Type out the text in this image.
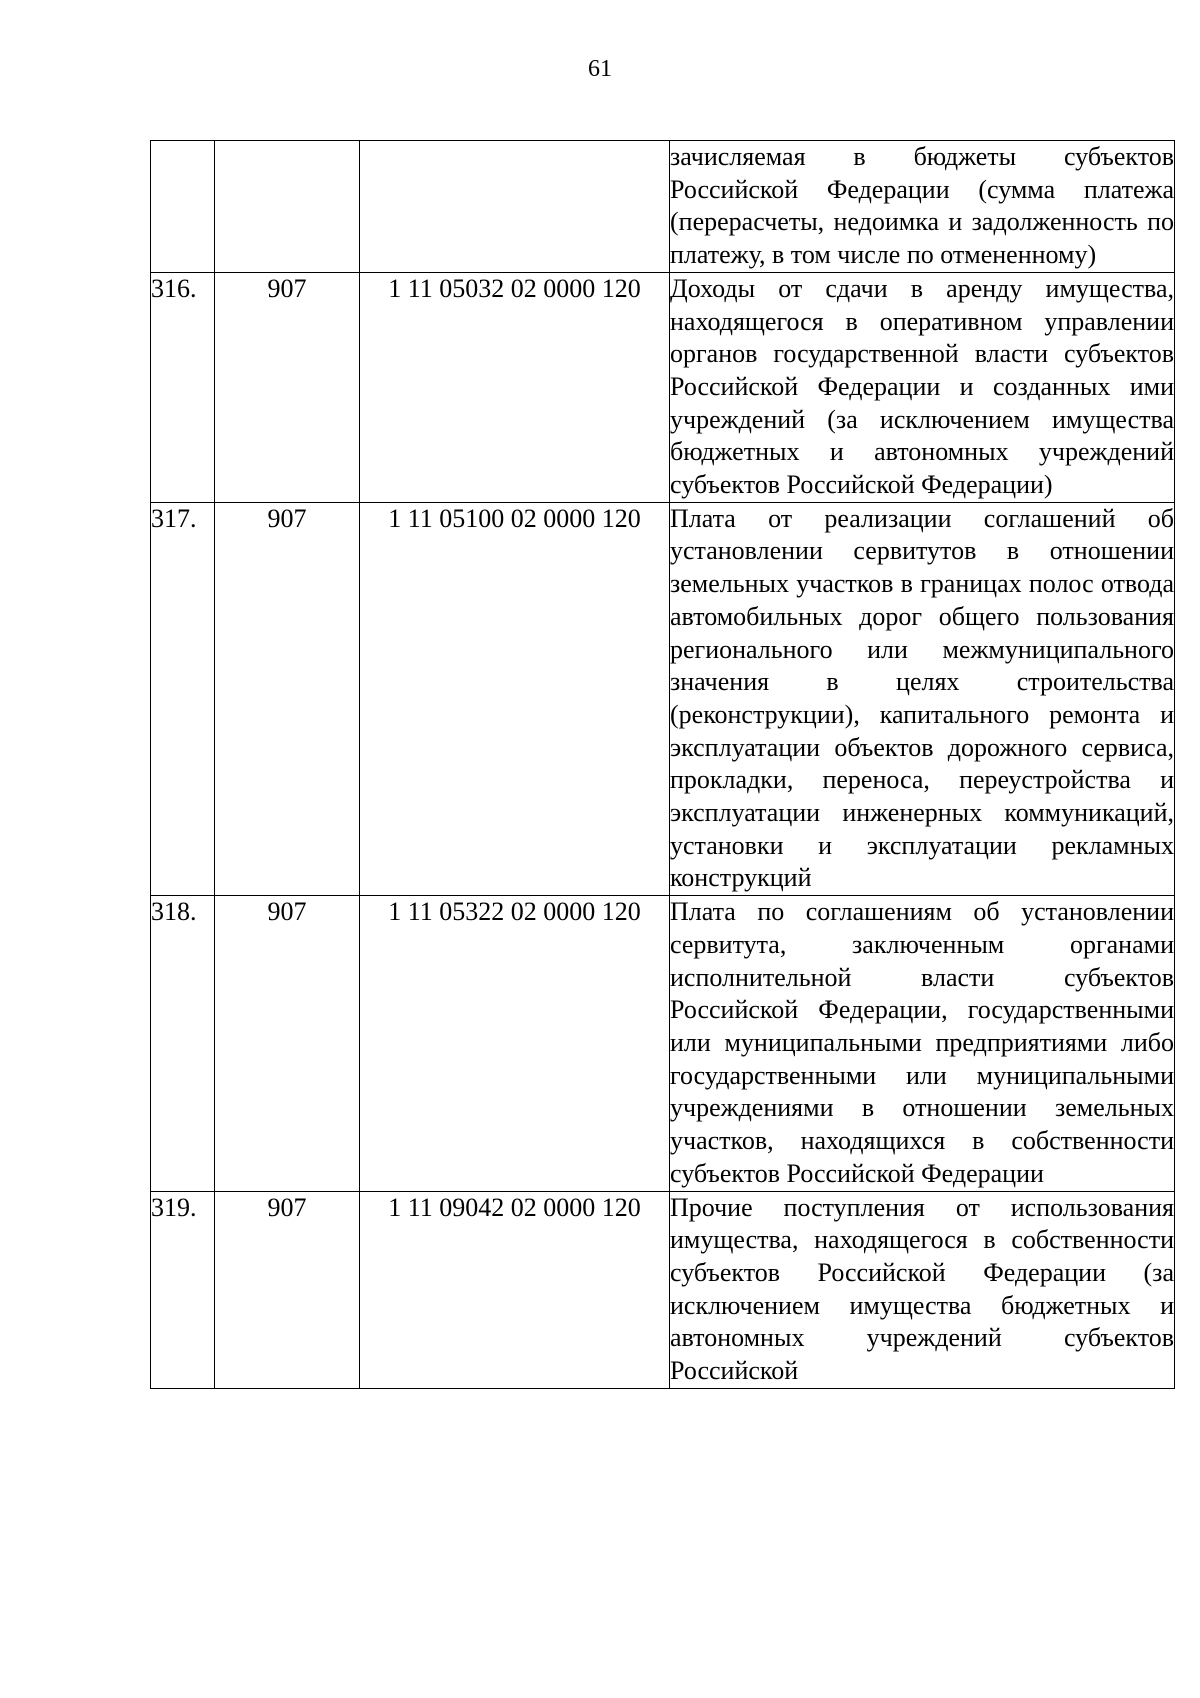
61
			зачисляемая в бюджеты субъектов Российской Федерации (сумма платежа (перерасчеты, недоимка и задолженность по платежу, в том числе по отмененному)
316.	907	1 11 05032 02 0000 120	Доходы от сдачи в аренду имущества, находящегося в оперативном управлении органов государственной власти субъектов Российской Федерации и созданных ими учреждений (за исключением имущества бюджетных и автономных учреждений субъектов Российской Федерации)
317.	907	1 11 05100 02 0000 120	Плата от реализации соглашений об установлении сервитутов в отношении земельных участков в границах полос отвода автомобильных дорог общего пользования регионального или межмуниципального значения в целях строительства (реконструкции), капитального ремонта и эксплуатации объектов дорожного сервиса, прокладки, переноса, переустройства и эксплуатации инженерных коммуникаций, установки и эксплуатации рекламных конструкций
318.	907	1 11 05322 02 0000 120	Плата по соглашениям об установлении сервитута, заключенным органами исполнительной власти субъектов Российской Федерации, государственными или муниципальными предприятиями либо государственными или муниципальными учреждениями в отношении земельных участков, находящихся в собственности субъектов Российской Федерации
319.	907	1 11 09042 02 0000 120	Прочие поступления от использования имущества, находящегося в собственности субъектов Российской Федерации (за исключением имущества бюджетных и автономных учреждений субъектов Российской
